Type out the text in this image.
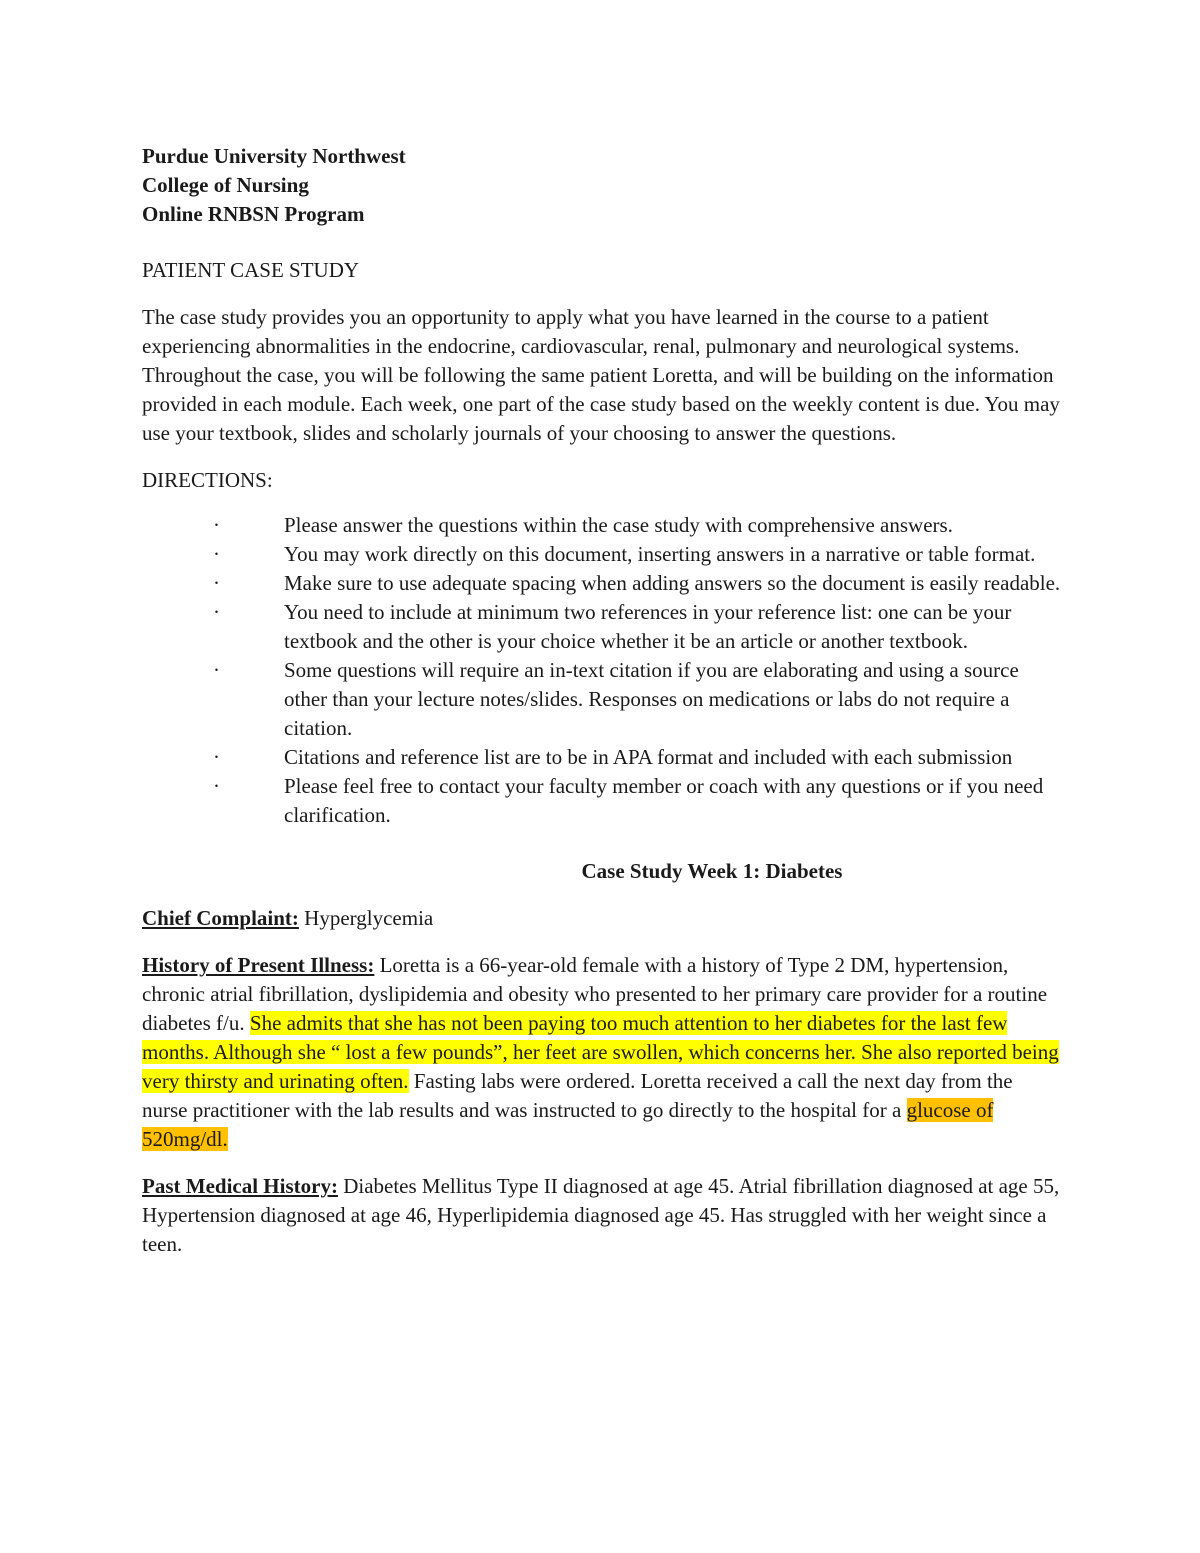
Purdue University Northwest

College of Nursing

Online RNBSN Program

PATIENT CASE STUDY

The case study provides you an opportunity to apply what you have learned in the course to a patient experiencing abnormalities in the endocrine, cardiovascular, renal, pulmonary and neurological systems. Throughout the case, you will be following the same patient Loretta, and will be building on the information provided in each module. Each week, one part of the case study based on the weekly content is due. You may use your textbook, slides and scholarly journals of your choosing to answer the questions.

DIRECTIONS:

·	Please answer the questions within the case study with comprehensive answers.

·	You may work directly on this document, inserting answers in a narrative or table format.

·	Make sure to use adequate spacing when adding answers so the document is easily readable.

·	You need to include at minimum two references in your reference list: one can be your textbook and the other is your choice whether it be an article or another textbook.

·	Some questions will require an in-text citation if you are elaborating and using a source other than your lecture notes/slides. Responses on medications or labs do not require a citation.

·	Citations and reference list are to be in APA format and included with each submission

·	Please feel free to contact your faculty member or coach with any questions or if you need clarification.

Case Study Week 1: Diabetes

Chief Complaint: Hyperglycemia

History of Present Illness: Loretta is a 66-year-old female with a history of Type 2 DM, hypertension, chronic atrial fibrillation, dyslipidemia and obesity who presented to her primary care provider for a routine diabetes f/u. She admits that she has not been paying too much attention to her diabetes for the last few months. Although she “ lost a few pounds”, her feet are swollen, which concerns her. She also reported being very thirsty and urinating often. Fasting labs were ordered. Loretta received a call the next day from the nurse practitioner with the lab results and was instructed to go directly to the hospital for a glucose of 520mg/dl.

Past Medical History: Diabetes Mellitus Type II diagnosed at age 45. Atrial fibrillation diagnosed at age 55, Hypertension diagnosed at age 46, Hyperlipidemia diagnosed age 45. Has struggled with her weight since a teen.
